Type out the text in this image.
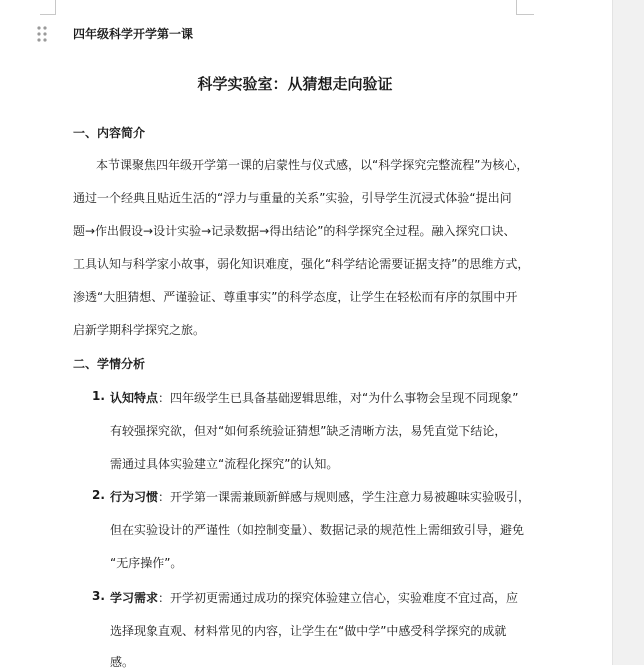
四年级科学开学第一课
科学实验室：从猜想走向验证
一、内容简介
本节课聚焦四年级开学第一课的启蒙性与仪式感，以“科学探究完整流程”为核心，
通过一个经典且贴近生活的“浮力与重量的关系”实验，引导学生沉浸式体验“提出问
题→作出假设→设计实验→记录数据→得出结论”的科学探究全过程。融入探究口诀、
工具认知与科学家小故事，弱化知识难度，强化“科学结论需要证据支持”的思维方式，
渗透“大胆猜想、严谨验证、尊重事实”的科学态度，让学生在轻松而有序的氛围中开
启新学期科学探究之旅。
二、学情分析
1. 认知特点：四年级学生已具备基础逻辑思维，对“为什么事物会呈现不同现象”
有较强探究欲，但对“如何系统验证猜想”缺乏清晰方法，易凭直觉下结论，
需通过具体实验建立“流程化探究”的认知。
2. 行为习惯：开学第一课需兼顾新鲜感与规则感，学生注意力易被趣味实验吸引，
但在实验设计的严谨性（如控制变量）、数据记录的规范性上需细致引导，避免
“无序操作”。
3. 学习需求：开学初更需通过成功的探究体验建立信心，实验难度不宜过高，应
选择现象直观、材料常见的内容，让学生在“做中学”中感受科学探究的成就
感。
